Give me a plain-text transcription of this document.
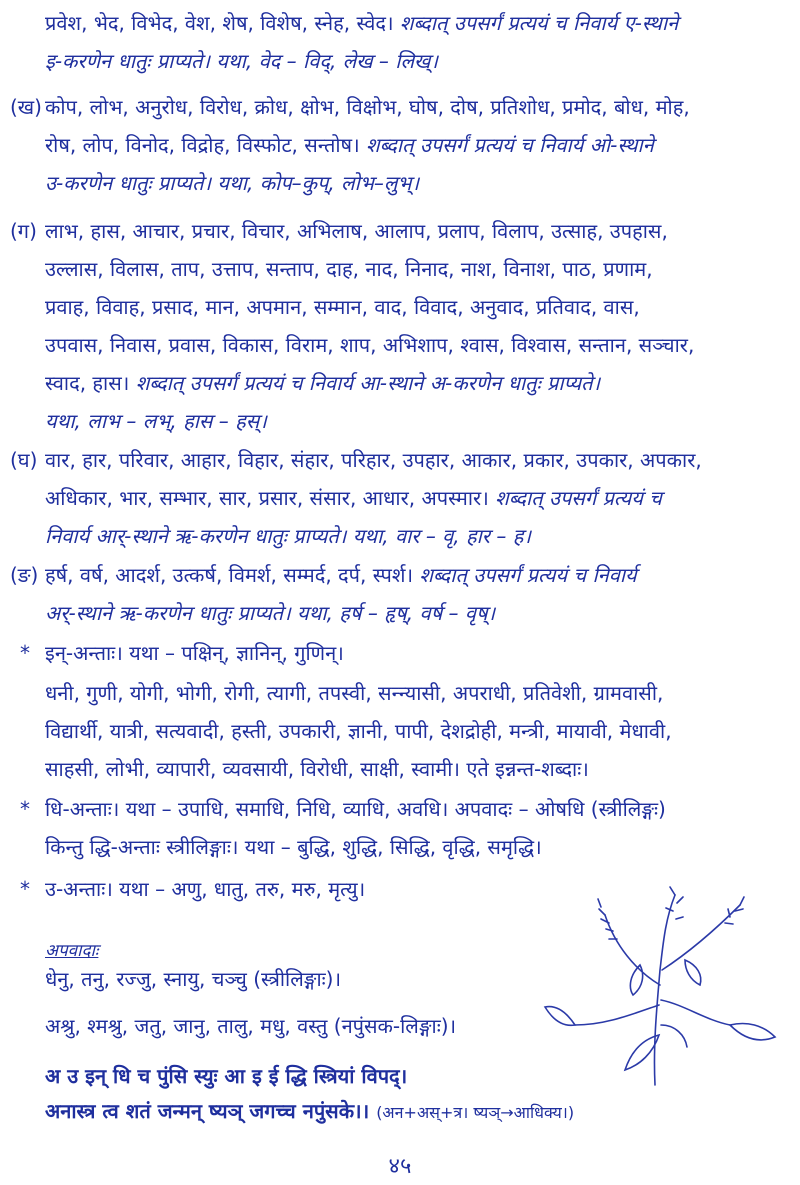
प्रवेश, भेद, विभेद, वेश, शेष, विशेष, स्नेह, स्वेद। शब्दात् उपसर्गं प्रत्ययं च निवार्य ए-स्थाने
इ-करणेन धातुः प्राप्यते। यथा, वेद – विद्, लेख – लिख्।
(ख) कोप, लोभ, अनुरोध, विरोध, क्रोध, क्षोभ, विक्षोभ, घोष, दोष, प्रतिशोध, प्रमोद, बोध, मोह,
रोष, लोप, विनोद, विद्रोह, विस्फोट, सन्तोष। शब्दात् उपसर्गं प्रत्ययं च निवार्य ओ-स्थाने
उ-करणेन धातुः प्राप्यते। यथा, कोप–कुप्, लोभ–लुभ्।
(ग) लाभ, हास, आचार, प्रचार, विचार, अभिलाष, आलाप, प्रलाप, विलाप, उत्साह, उपहास,
उल्लास, विलास, ताप, उत्ताप, सन्ताप, दाह, नाद, निनाद, नाश, विनाश, पाठ, प्रणाम,
प्रवाह, विवाह, प्रसाद, मान, अपमान, सम्मान, वाद, विवाद, अनुवाद, प्रतिवाद, वास,
उपवास, निवास, प्रवास, विकास, विराम, शाप, अभिशाप, श्वास, विश्वास, सन्तान, सञ्चार,
स्वाद, हास। शब्दात् उपसर्गं प्रत्ययं च निवार्य आ-स्थाने अ-करणेन धातुः प्राप्यते।
यथा, लाभ – लभ्, हास – हस्।
(घ) वार, हार, परिवार, आहार, विहार, संहार, परिहार, उपहार, आकार, प्रकार, उपकार, अपकार,
अधिकार, भार, सम्भार, सार, प्रसार, संसार, आधार, अपस्मार। शब्दात् उपसर्गं प्रत्ययं च
निवार्य आर्-स्थाने ऋ-करणेन धातुः प्राप्यते। यथा, वार – वृ, हार – ह।
(ङ) हर्ष, वर्ष, आदर्श, उत्कर्ष, विमर्श, सम्मर्द, दर्प, स्पर्श। शब्दात् उपसर्गं प्रत्ययं च निवार्य
अर्-स्थाने ऋ-करणेन धातुः प्राप्यते। यथा, हर्ष – हृष्, वर्ष – वृष्।
* इन्-अन्ताः। यथा – पक्षिन्, ज्ञानिन्, गुणिन्।
धनी, गुणी, योगी, भोगी, रोगी, त्यागी, तपस्वी, सन्न्यासी, अपराधी, प्रतिवेशी, ग्रामवासी,
विद्यार्थी, यात्री, सत्यवादी, हस्ती, उपकारी, ज्ञानी, पापी, देशद्रोही, मन्त्री, मायावी, मेधावी,
साहसी, लोभी, व्यापारी, व्यवसायी, विरोधी, साक्षी, स्वामी। एते इन्नन्त-शब्दाः।
* धि-अन्ताः। यथा – उपाधि, समाधि, निधि, व्याधि, अवधि। अपवादः – ओषधि (स्त्रीलिङ्गः)
किन्तु द्धि-अन्ताः स्त्रीलिङ्गाः। यथा – बुद्धि, शुद्धि, सिद्धि, वृद्धि, समृद्धि।
* उ-अन्ताः। यथा – अणु, धातु, तरु, मरु, मृत्यु।
अपवादाः
धेनु, तनु, रज्जु, स्नायु, चञ्चु (स्त्रीलिङ्गाः)।
अश्रु, श्मश्रु, जतु, जानु, तालु, मधु, वस्तु (नपुंसक-लिङ्गाः)।
अ उ इन् धि च पुंसि स्युः आ इ ई द्धि स्त्रियां विपद्।
अनास्त्र त्व शतं जन्मन् ष्यञ् जगच्च नपुंसके।। (अन+अस्+त्र। ष्यञ्→आधिक्य।)
४५
